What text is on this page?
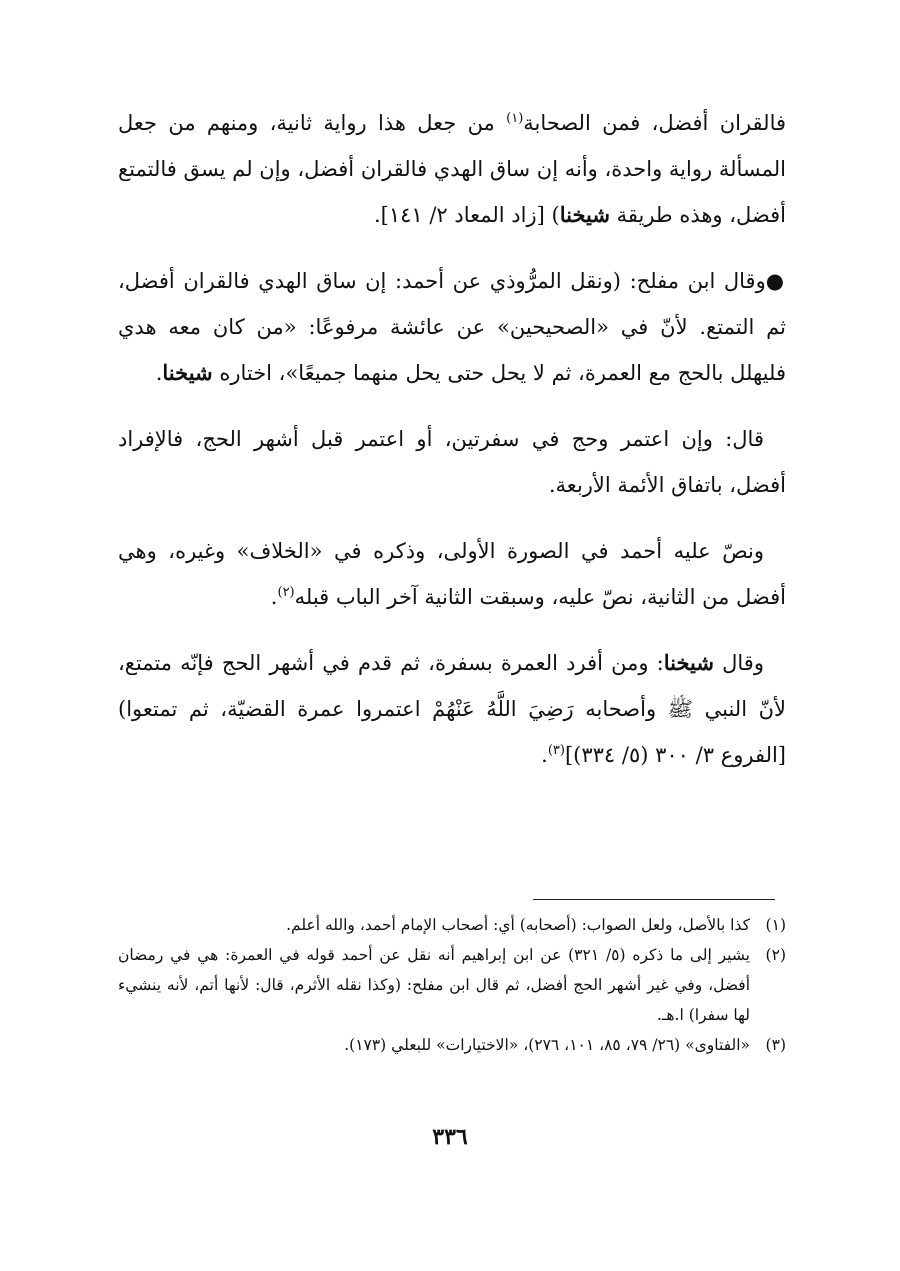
فالقران أفضل، فمن الصحابة$^{(١)}$ من جعل هذا رواية ثانية، ومنهم من جعل المسألة رواية واحدة، وأنه إن ساق الهدي فالقران أفضل، وإن لم يسق فالتمتع أفضل، وهذه طريقة شيخنا) [زاد المعاد ٢/ ١٤١].

●وقال ابن مفلح: (ونقل المرُّوذي عن أحمد: إن ساق الهدي فالقران أفضل، ثم التمتع. لأنّ في «الصحيحين» عن عائشة مرفوعًا: «من كان معه هدي فليهلل بالحج مع العمرة، ثم لا يحل حتى يحل منهما جميعًا»، اختاره شيخنا.

قال: وإن اعتمر وحج في سفرتين، أو اعتمر قبل أشهر الحج، فالإفراد أفضل، باتفاق الأئمة الأربعة.

ونصّ عليه أحمد في الصورة الأولى، وذكره في «الخلاف» وغيره، وهي أفضل من الثانية، نصّ عليه، وسبقت الثانية آخر الباب قبله$^{(٢)}$.

وقال شيخنا: ومن أفرد العمرة بسفرة، ثم قدم في أشهر الحج فإنّه متمتع، لأنّ النبي ﷺ وأصحابه رَضِيَ اللَّهُ عَنْهُمْ اعتمروا عمرة القضيّة، ثم تمتعوا) [الفروع ٣/ ٣٠٠ (٥/ ٣٣٤)]$^{(٣)}$.

(١)
كذا بالأصل، ولعل الصواب: (أصحابه) أي: أصحاب الإمام أحمد، والله أعلم.
(٢)
يشير إلى ما ذكره (٥/ ٣٢١) عن ابن إبراهيم أنه نقل عن أحمد قوله في العمرة: هي في رمضان أفضل، وفي غير أشهر الحج أفضل، ثم قال ابن مفلح: (وكذا نقله الأثرم، قال: لأنها أتم، لأنه ينشيء لها سفرا) ا.هـ.
(٣)
«الفتاوى» (٢٦/ ٧٩، ٨٥، ١٠١، ٢٧٦)، «الاختيارات» للبعلي (١٧٣).
٣٣٦
